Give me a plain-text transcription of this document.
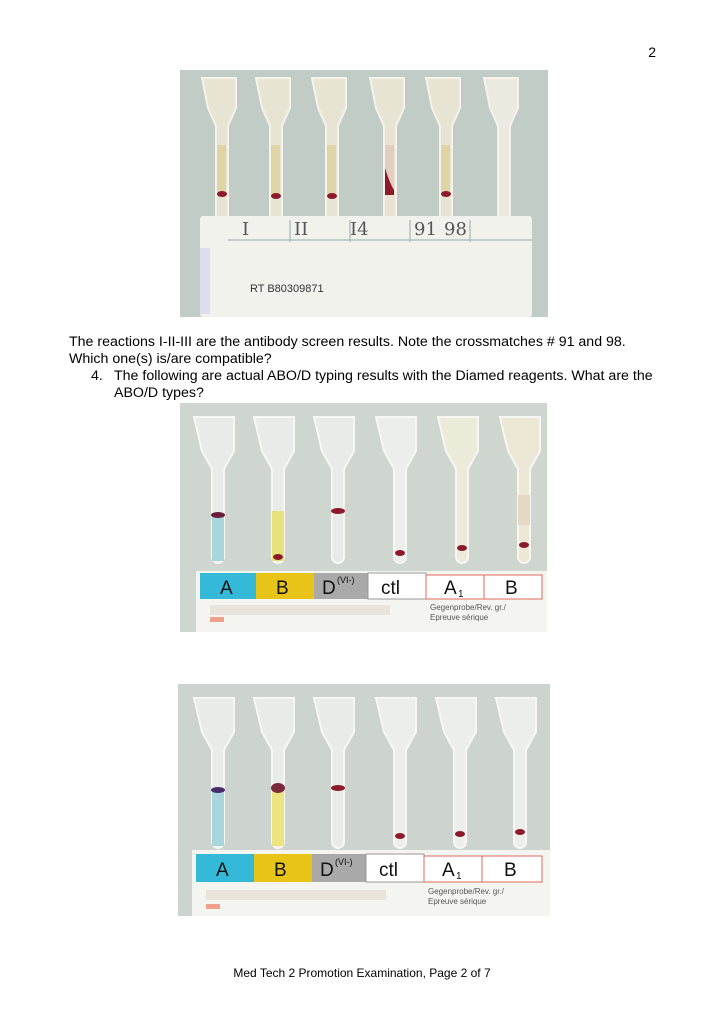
2
I II I4	91 98
RT B80309871
The reactions I-II-III are the antibody screen results. Note the crossmatches # 91 and 98. Which one(s) is/are compatible?
4. The following are actual ABO/D typing results with the Diamed reagents. What are the ABO/D types?
A B D (VI-) ctl A 1 B
Gegenprobe/Rev. gr./
Epreuve sérique
A B D (VI-) ctl A 1 B
Gegenprobe/Rev. gr./
Epreuve sérique
Med Tech 2 Promotion Examination, Page 2 of 7
